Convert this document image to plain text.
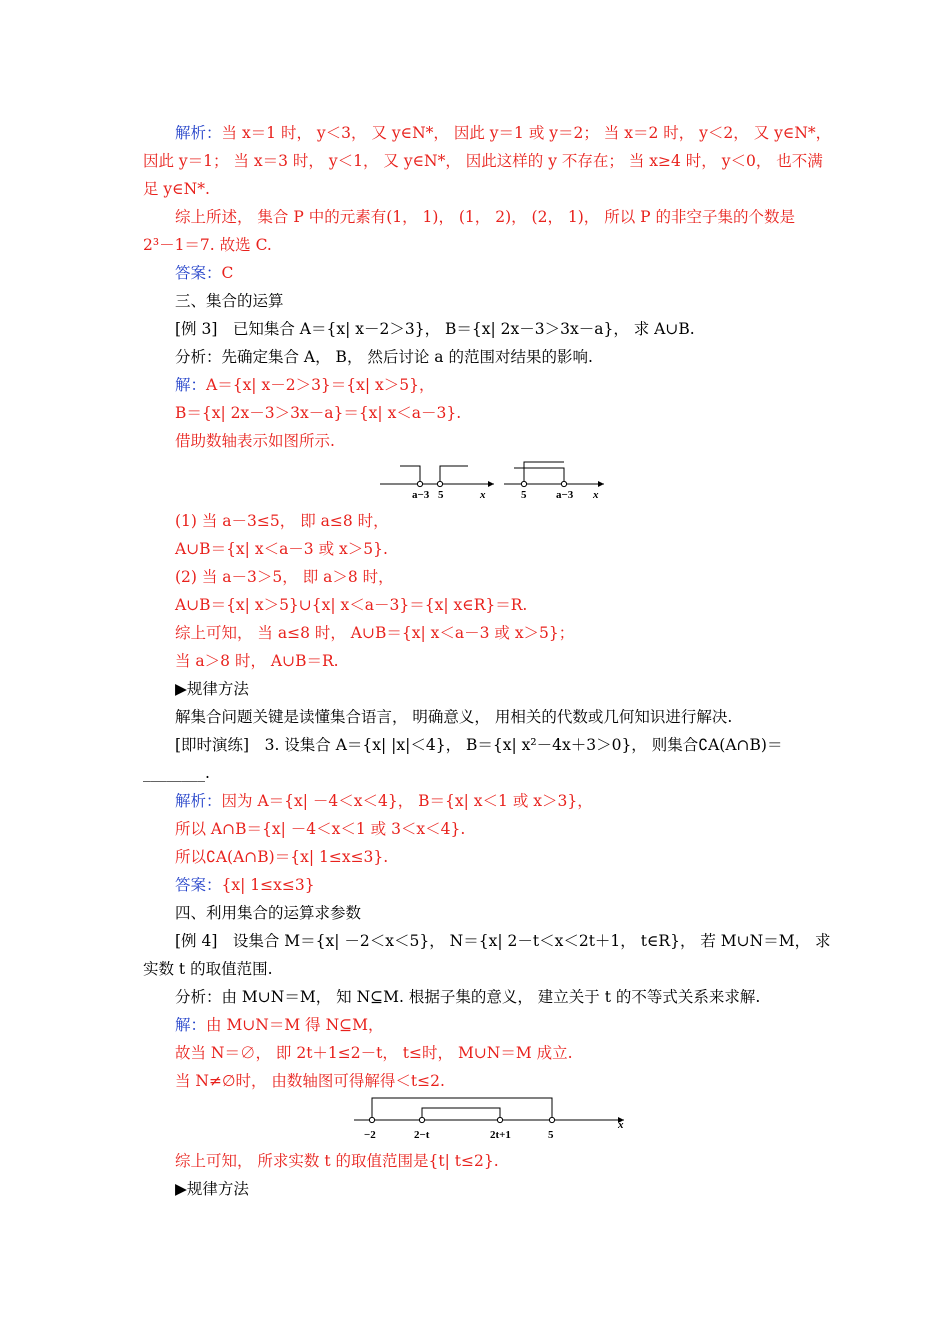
解析：当 x＝1 时， y＜3， 又 y∈N*， 因此 y＝1 或 y＝2； 当 x＝2 时， y＜2， 又 y∈N*，
因此 y＝1； 当 x＝3 时， y＜1， 又 y∈N*， 因此这样的 y 不存在； 当 x≥4 时， y＜0， 也不满
足 y∈N*.
综上所述， 集合 P 中的元素有(1， 1)， (1， 2)， (2， 1)， 所以 P 的非空子集的个数是
2³－1＝7. 故选 C.
答案：C
三、集合的运算
[例 3]　已知集合 A＝{x| x－2＞3}， B＝{x| 2x－3＞3x－a}， 求 A∪B.
分析：先确定集合 A， B， 然后讨论 a 的范围对结果的影响.
解：A＝{x| x－2＞3}＝{x| x＞5}，
B＝{x| 2x－3＞3x－a}＝{x| x＜a－3}.
借助数轴表示如图所示.
a−3 5	x	5	a−3 x
(1) 当 a－3≤5， 即 a≤8 时，
A∪B＝{x| x＜a－3 或 x＞5}.
(2) 当 a－3＞5， 即 a＞8 时，
A∪B＝{x| x＞5}∪{x| x＜a－3}＝{x| x∈R}＝R.
综上可知， 当 a≤8 时， A∪B＝{x| x＜a－3 或 x＞5}；
当 a＞8 时， A∪B＝R.
▶规律方法
解集合问题关键是读懂集合语言， 明确意义， 用相关的代数或几何知识进行解决.
[即时演练]　3. 设集合 A＝{x| |x|＜4}， B＝{x| x²－4x＋3＞0}， 则集合∁A(A∩B)＝
________.
解析：因为 A＝{x| －4＜x＜4}， B＝{x| x＜1 或 x＞3}，
所以 A∩B＝{x| －4＜x＜1 或 3＜x＜4}.
所以∁A(A∩B)＝{x| 1≤x≤3}.
答案：{x| 1≤x≤3}
四、利用集合的运算求参数
[例 4]　设集合 M＝{x| －2＜x＜5}， N＝{x| 2－t＜x＜2t＋1， t∈R}， 若 M∪N＝M， 求
实数 t 的取值范围.
分析：由 M∪N＝M， 知 N⊆M. 根据子集的意义， 建立关于 t 的不等式关系来求解.
解：由 M∪N＝M 得 N⊆M，
故当 N＝∅， 即 2t＋1≤2－t， t≤时， M∪N＝M 成立.
当 N≠∅时， 由数轴图可得解得＜t≤2.
−2	2−t	2t+1	5
x
综上可知， 所求实数 t 的取值范围是{t| t≤2}.
▶规律方法
